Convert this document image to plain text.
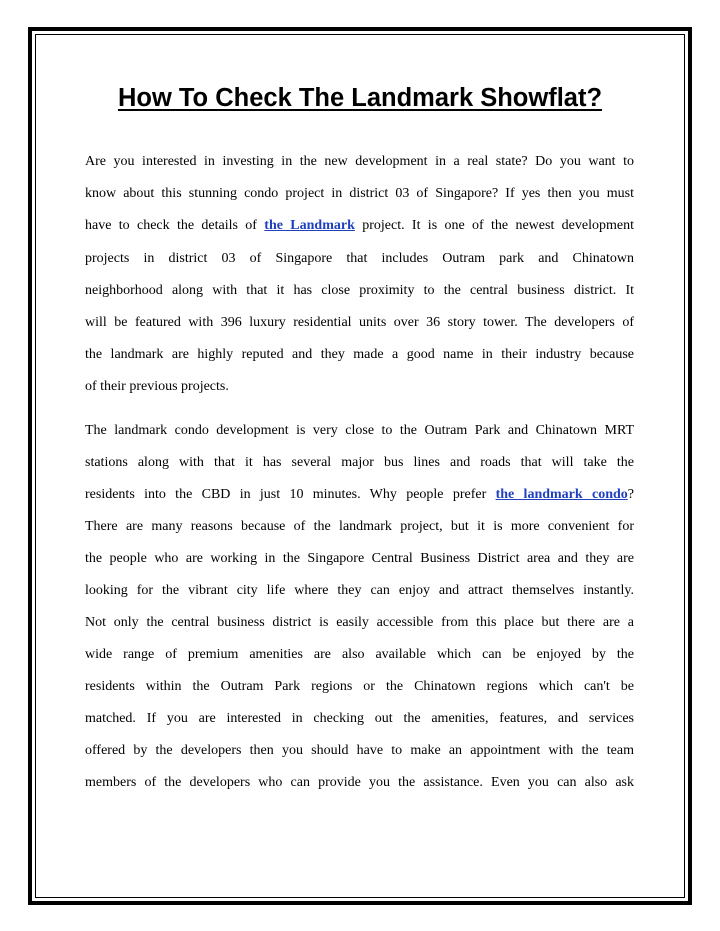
How To Check The Landmark Showflat?

Are you interested in investing in the new development in a real state? Do you want to

know about this stunning condo project in district 03 of Singapore? If yes then you must

have to check the details of the Landmark project. It is one of the newest development

projects in district 03 of Singapore that includes Outram park and Chinatown

neighborhood along with that it has close proximity to the central business district. It

will be featured with 396 luxury residential units over 36 story tower. The developers of

the landmark are highly reputed and they made a good name in their industry because

of their previous projects.

The landmark condo development is very close to the Outram Park and Chinatown MRT

stations along with that it has several major bus lines and roads that will take the

residents into the CBD in just 10 minutes. Why people prefer the landmark condo?

There are many reasons because of the landmark project, but it is more convenient for

the people who are working in the Singapore Central Business District area and they are

looking for the vibrant city life where they can enjoy and attract themselves instantly.

Not only the central business district is easily accessible from this place but there are a

wide range of premium amenities are also available which can be enjoyed by the

residents within the Outram Park regions or the Chinatown regions which can't be

matched. If you are interested in checking out the amenities, features, and services

offered by the developers then you should have to make an appointment with the team

members of the developers who can provide you the assistance. Even you can also ask
